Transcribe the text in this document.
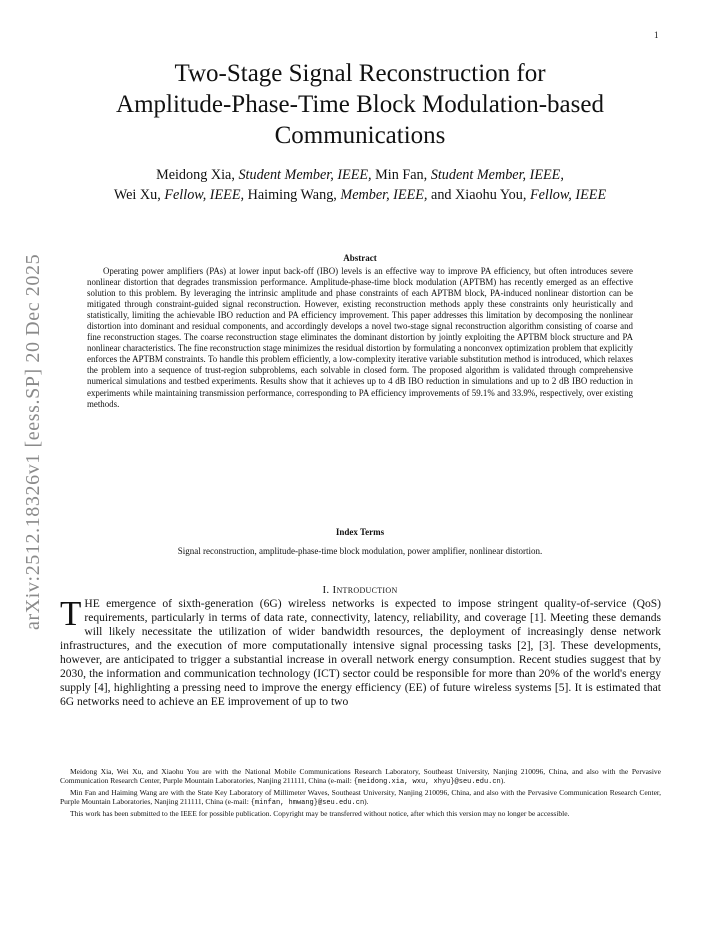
1
arXiv:2512.18326v1 [eess.SP] 20 Dec 2025
Two-Stage Signal Reconstruction for
Amplitude-Phase-Time Block Modulation-based
Communications
Meidong Xia, Student Member, IEEE, Min Fan, Student Member, IEEE,
Wei Xu, Fellow, IEEE, Haiming Wang, Member, IEEE, and Xiaohu You, Fellow, IEEE
Abstract

Operating power amplifiers (PAs) at lower input back-off (IBO) levels is an effective way to improve PA efficiency, but often introduces severe nonlinear distortion that degrades transmission performance. Amplitude-phase-time block modulation (APTBM) has recently emerged as an effective solution to this problem. By leveraging the intrinsic amplitude and phase constraints of each APTBM block, PA-induced nonlinear distortion can be mitigated through constraint-guided signal reconstruction. However, existing reconstruction methods apply these constraints only heuristically and statistically, limiting the achievable IBO reduction and PA efficiency improvement. This paper addresses this limitation by decomposing the nonlinear distortion into dominant and residual components, and accordingly develops a novel two-stage signal reconstruction algorithm consisting of coarse and fine reconstruction stages. The coarse reconstruction stage eliminates the dominant distortion by jointly exploiting the APTBM block structure and PA nonlinear characteristics. The fine reconstruction stage minimizes the residual distortion by formulating a nonconvex optimization problem that explicitly enforces the APTBM constraints. To handle this problem efficiently, a low-complexity iterative variable substitution method is introduced, which relaxes the problem into a sequence of trust-region subproblems, each solvable in closed form. The proposed algorithm is validated through comprehensive numerical simulations and testbed experiments. Results show that it achieves up to 4 dB IBO reduction in simulations and up to 2 dB IBO reduction in experiments while maintaining transmission performance, corresponding to PA efficiency improvements of 59.1% and 33.9%, respectively, over existing methods.

Index Terms
Signal reconstruction, amplitude-phase-time block modulation, power amplifier, nonlinear distortion.
I. Introduction

THE emergence of sixth-generation (6G) wireless networks is expected to impose stringent quality-of-service (QoS) requirements, particularly in terms of data rate, connectivity, latency, reliability, and coverage [1]. Meeting these demands will likely necessitate the utilization of wider bandwidth resources, the deployment of increasingly dense network infrastructures, and the execution of more computationally intensive signal processing tasks [2], [3]. These developments, however, are anticipated to trigger a substantial increase in overall network energy consumption. Recent studies suggest that by 2030, the information and communication technology (ICT) sector could be responsible for more than 20% of the world's energy supply [4], highlighting a pressing need to improve the energy efficiency (EE) of future wireless systems [5]. It is estimated that 6G networks need to achieve an EE improvement of up to two

Meidong Xia, Wei Xu, and Xiaohu You are with the National Mobile Communications Research Laboratory, Southeast University, Nanjing 210096, China, and also with the Pervasive Communication Research Center, Purple Mountain Laboratories, Nanjing 211111, China (e-mail: {meidong.xia, wxu, xhyu}@seu.edu.cn).

Min Fan and Haiming Wang are with the State Key Laboratory of Millimeter Waves, Southeast University, Nanjing 210096, China, and also with the Pervasive Communication Research Center, Purple Mountain Laboratories, Nanjing 211111, China (e-mail: {minfan, hmwang}@seu.edu.cn).

This work has been submitted to the IEEE for possible publication. Copyright may be transferred without notice, after which this version may no longer be accessible.
